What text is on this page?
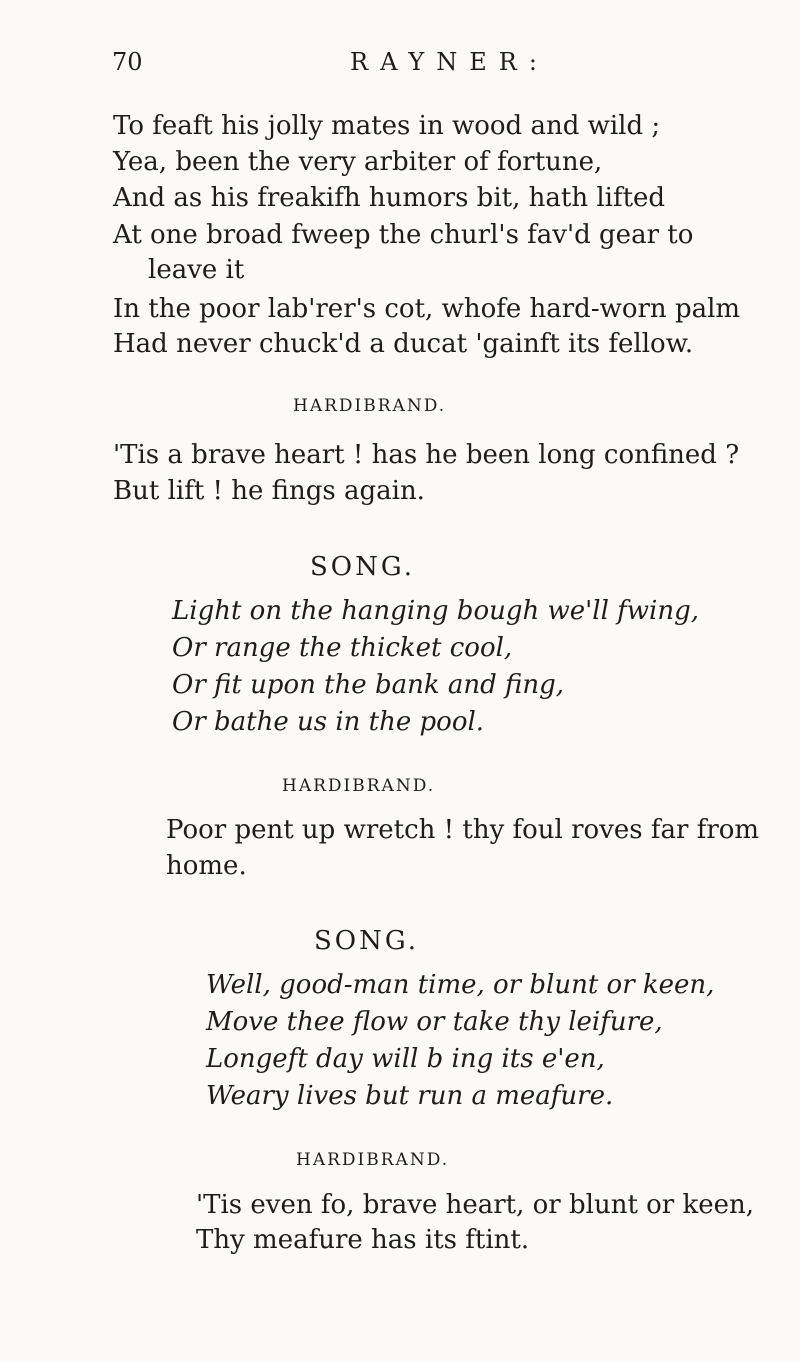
70	RAYNER:
To feaft his jolly mates in wood and wild ;
Yea, been the very arbiter of fortune,
And as his freakifh humors bit, hath lifted
At one broad fweep the churl's fav'd gear to
leave it
In the poor lab'rer's cot, whofe hard-worn palm
Had never chuck'd a ducat 'gainft its fellow.
HARDIBRAND.
'Tis a brave heart ! has he been long confined ?
But lift ! he fings again.
SONG.
Light on the hanging bough we'll fwing,
Or range the thicket cool,
Or fit upon the bank and fing,
Or bathe us in the pool.
HARDIBRAND.
Poor pent up wretch ! thy foul roves far from
home.
SONG.
Well, good-man time, or blunt or keen,
Move thee flow or take thy leifure,
Longeft day will b ing its e'en,
Weary lives but run a meafure.
HARDIBRAND.
'Tis even fo, brave heart, or blunt or keen,
Thy meafure has its ftint.
